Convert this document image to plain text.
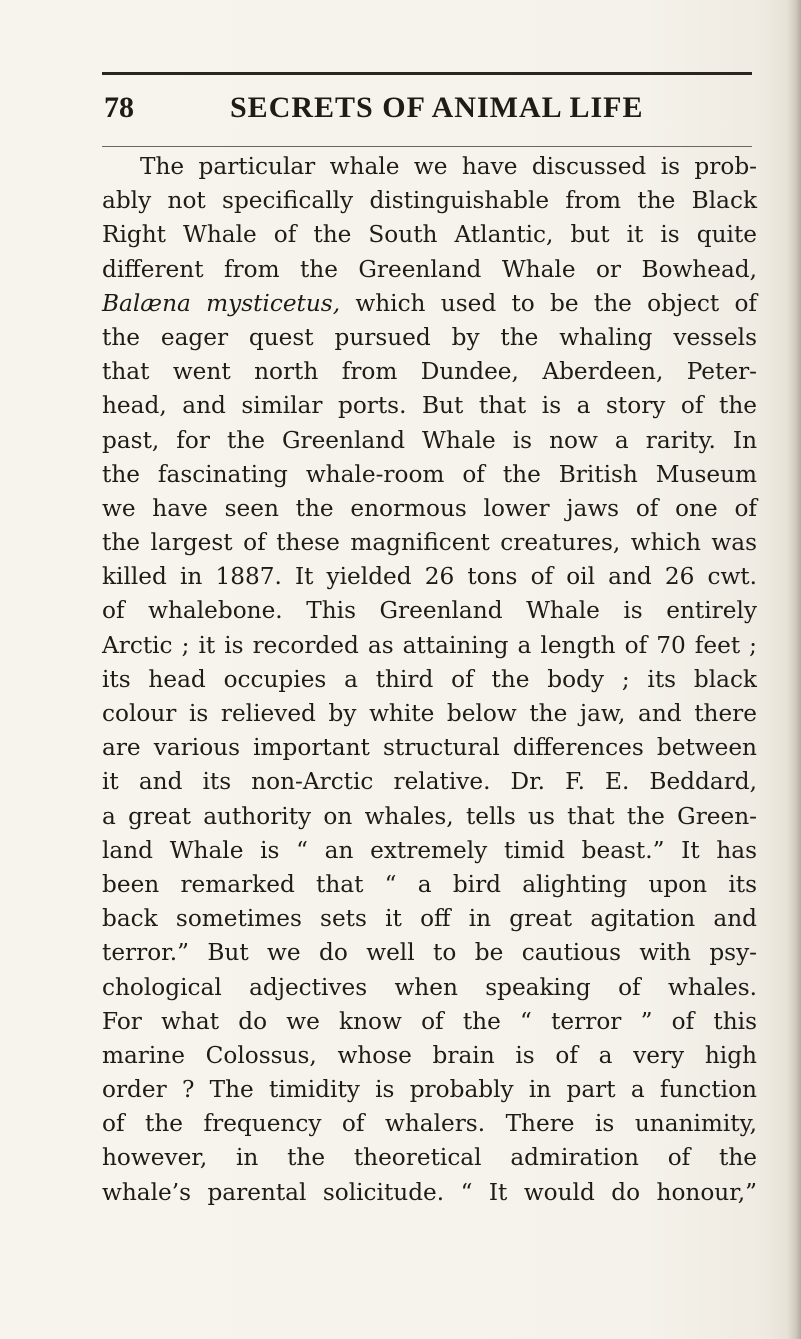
78	SECRETS OF ANIMAL LIFE
The particular whale we have discussed is prob-
ably not specifically distinguishable from the Black
Right Whale of the South Atlantic, but it is quite
different from the Greenland Whale or Bowhead,
Balæna mysticetus, which used to be the object of
the eager quest pursued by the whaling vessels
that went north from Dundee, Aberdeen, Peter-
head, and similar ports. But that is a story of the
past, for the Greenland Whale is now a rarity. In
the fascinating whale-room of the British Museum
we have seen the enormous lower jaws of one of
the largest of these magnificent creatures, which was
killed in 1887. It yielded 26 tons of oil and 26 cwt.
of whalebone. This Greenland Whale is entirely
Arctic ; it is recorded as attaining a length of 70 feet ;
its head occupies a third of the body ; its black
colour is relieved by white below the jaw, and there
are various important structural differences between
it and its non-Arctic relative. Dr. F. E. Beddard,
a great authority on whales, tells us that the Green-
land Whale is “ an extremely timid beast.” It has
been remarked that “ a bird alighting upon its
back sometimes sets it off in great agitation and
terror.” But we do well to be cautious with psy-
chological adjectives when speaking of whales.
For what do we know of the “ terror ” of this
marine Colossus, whose brain is of a very high
order ? The timidity is probably in part a function
of the frequency of whalers. There is unanimity,
however, in the theoretical admiration of the
whale’s parental solicitude. “ It would do honour,”
